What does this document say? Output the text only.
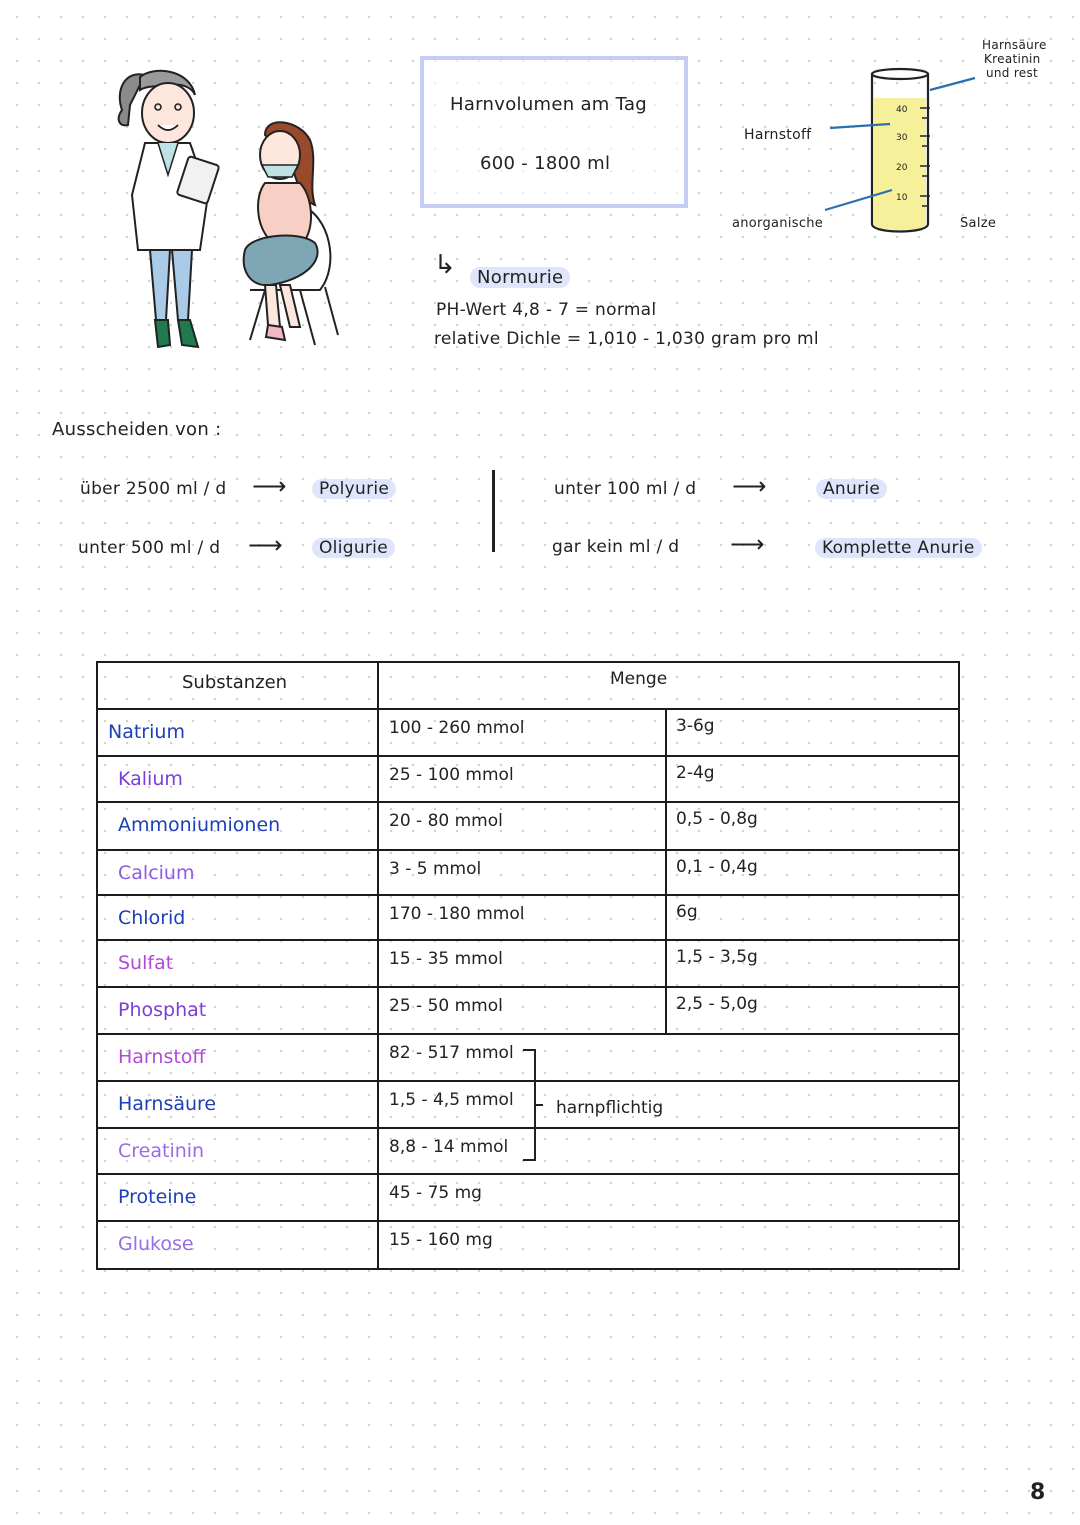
Harnvolumen am Tag
600 - 1800 ml
↳	Normurie
PH-Wert 4,8 - 7 = normal
relative Dichle = 1,010 - 1,030 gram pro ml
40
30
20
10
Harnsäure
Kreatinin
und rest
Harnstoff
anorganische	Salze
Ausscheiden von :
über 2500 ml / d ⟶	Polyurie
unter 500 ml / d ⟶	Oligurie
unter 100 ml / d ⟶	Anurie
gar kein ml / d ⟶	Komplette Anurie
Substanzen	Menge
Natrium	100 - 260 mmol	3-6g
Kalium	25 - 100 mmol	2-4g
Ammoniumionen	20 - 80 mmol	0,5 - 0,8g
Calcium	3 - 5 mmol	0,1 - 0,4g
Chlorid	170 - 180 mmol	6g
Sulfat	15 - 35 mmol	1,5 - 3,5g
Phosphat	25 - 50 mmol	2,5 - 5,0g
Harnstoff	82 - 517 mmol
Harnsäure	1,5 - 4,5 mmol
Creatinin	8,8 - 14 mmol
Proteine	45 - 75 mg
Glukose	15 - 160 mg
harnpflichtig
8
